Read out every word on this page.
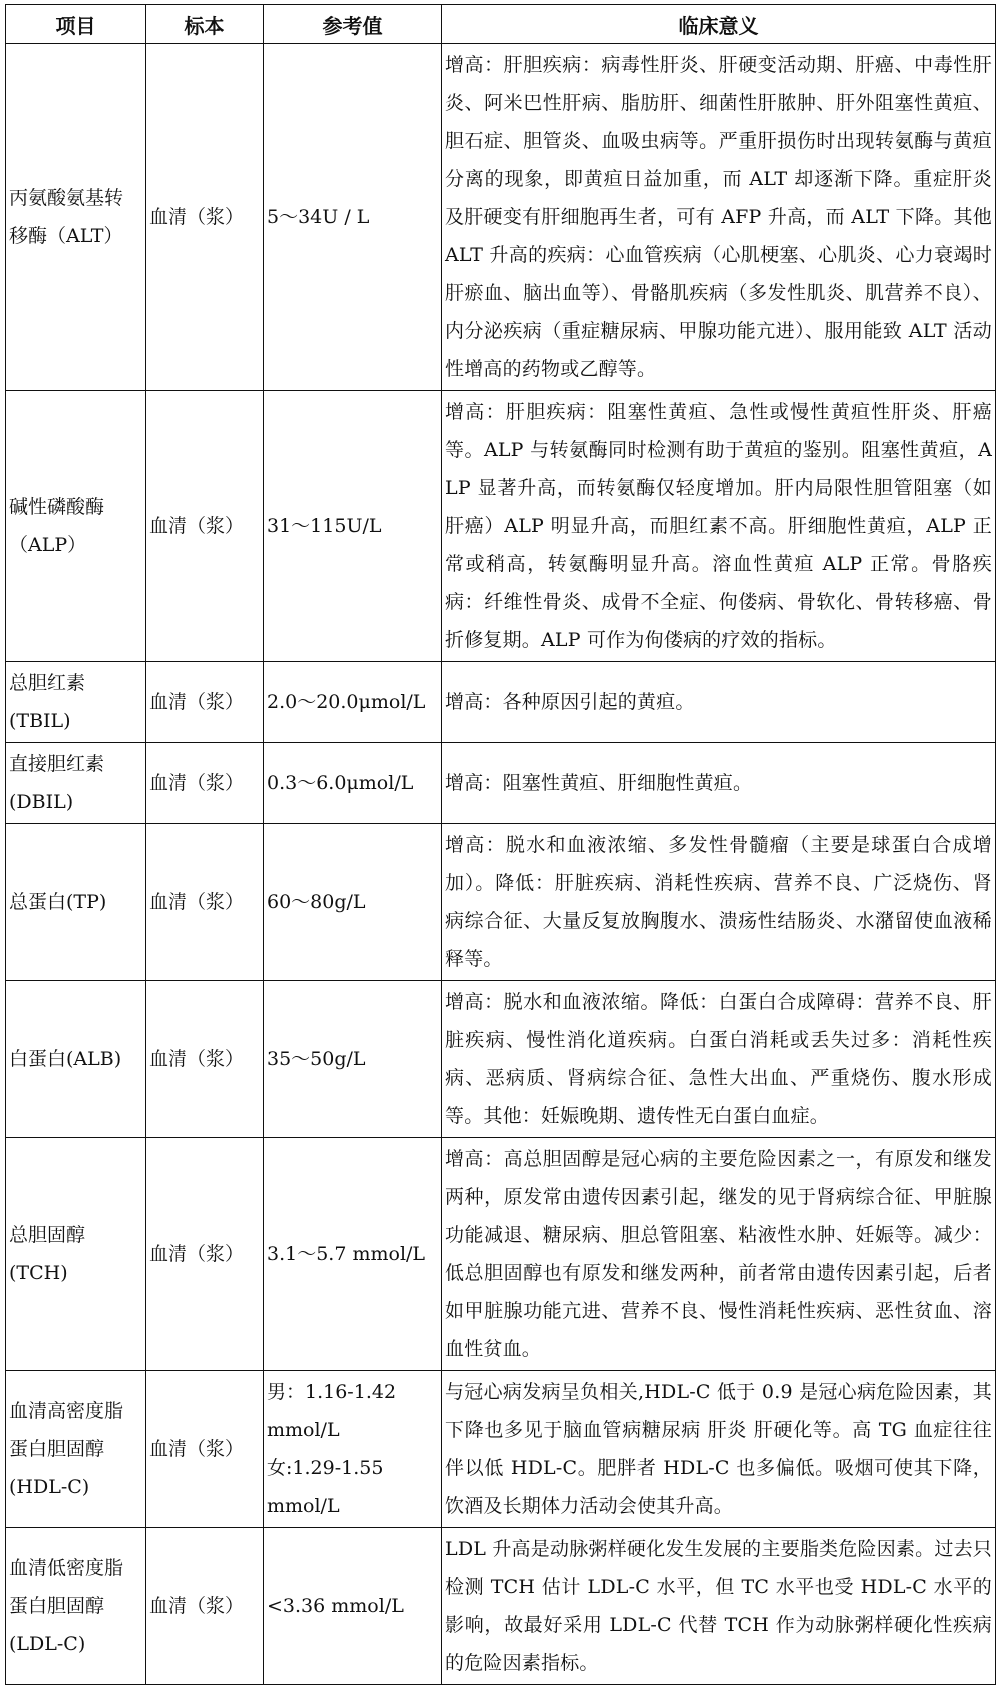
项目	标本	参考值	临床意义

丙氨酸氨基转
移酶（ALT）	血清（浆）	5～34U / L	增高：肝胆疾病：病毒性肝炎、肝硬变活动期、肝癌、中毒性肝炎、阿米巴性肝病、脂肪肝、细菌性肝脓肿、肝外阻塞性黄疸、胆石症、胆管炎、血吸虫病等。严重肝损伤时出现转氨酶与黄疸分离的现象，即黄疸日益加重，而 ALT 却逐渐下降。重症肝炎及肝硬变有肝细胞再生者，可有 AFP 升高，而 ALT 下降。其他 ALT 升高的疾病：心血管疾病（心肌梗塞、心肌炎、心力衰竭时肝瘀血、脑出血等）、骨骼肌疾病（多发性肌炎、肌营养不良）、内分泌疾病（重症糖尿病、甲腺功能亢进）、服用能致 ALT 活动性增高的药物或乙醇等。

碱性磷酸酶
（ALP）	血清（浆）	31～115U/L	增高：肝胆疾病：阻塞性黄疸、急性或慢性黄疸性肝炎、肝癌等。ALP 与转氨酶同时检测有助于黄疸的鉴别。阻塞性黄疸，ALP 显著升高，而转氨酶仅轻度增加。肝内局限性胆管阻塞（如肝癌）ALP 明显升高，而胆红素不高。肝细胞性黄疸，ALP 正常或稍高，转氨酶明显升高。溶血性黄疸 ALP 正常。骨胳疾病：纤维性骨炎、成骨不全症、佝偻病、骨软化、骨转移癌、骨折修复期。ALP 可作为佝偻病的疗效的指标。

总胆红素
(TBIL)	血清（浆）	2.0～20.0μmol/L	增高：各种原因引起的黄疸。

直接胆红素
(DBIL)	血清（浆）	0.3～6.0μmol/L	增高：阻塞性黄疸、肝细胞性黄疸。

总蛋白(TP)	血清（浆）	60～80g/L	增高：脱水和血液浓缩、多发性骨髓瘤（主要是球蛋白合成增加）。降低：肝脏疾病、消耗性疾病、营养不良、广泛烧伤、肾病综合征、大量反复放胸腹水、溃疡性结肠炎、水潴留使血液稀释等。

白蛋白(ALB)	血清（浆）	35～50g/L	增高：脱水和血液浓缩。降低：白蛋白合成障碍：营养不良、肝脏疾病、慢性消化道疾病。白蛋白消耗或丢失过多：消耗性疾病、恶病质、肾病综合征、急性大出血、严重烧伤、腹水形成等。其他：妊娠晚期、遗传性无白蛋白血症。

总胆固醇
(TCH)	血清（浆）	3.1～5.7 mmol/L	增高：高总胆固醇是冠心病的主要危险因素之一，有原发和继发两种，原发常由遗传因素引起，继发的见于肾病综合征、甲脏腺功能减退、糖尿病、胆总管阻塞、粘液性水肿、妊娠等。减少：低总胆固醇也有原发和继发两种，前者常由遗传因素引起，后者如甲脏腺功能亢进、营养不良、慢性消耗性疾病、恶性贫血、溶血性贫血。

血清高密度脂
蛋白胆固醇
(HDL-C)	血清（浆）	男：1.16-1.42
mmol/L
女:1.29-1.55
mmol/L	与冠心病发病呈负相关,HDL-C 低于 0.9 是冠心病危险因素，其下降也多见于脑血管病糖尿病 肝炎 肝硬化等。高 TG 血症往往伴以低 HDL-C。肥胖者 HDL-C 也多偏低。吸烟可使其下降，饮酒及长期体力活动会使其升高。

血清低密度脂
蛋白胆固醇
(LDL-C)	血清（浆）	<3.36 mmol/L	LDL 升高是动脉粥样硬化发生发展的主要脂类危险因素。过去只检测 TCH 估计 LDL-C 水平，但 TC 水平也受 HDL-C 水平的影响，故最好采用 LDL-C 代替 TCH 作为动脉粥样硬化性疾病的危险因素指标。
